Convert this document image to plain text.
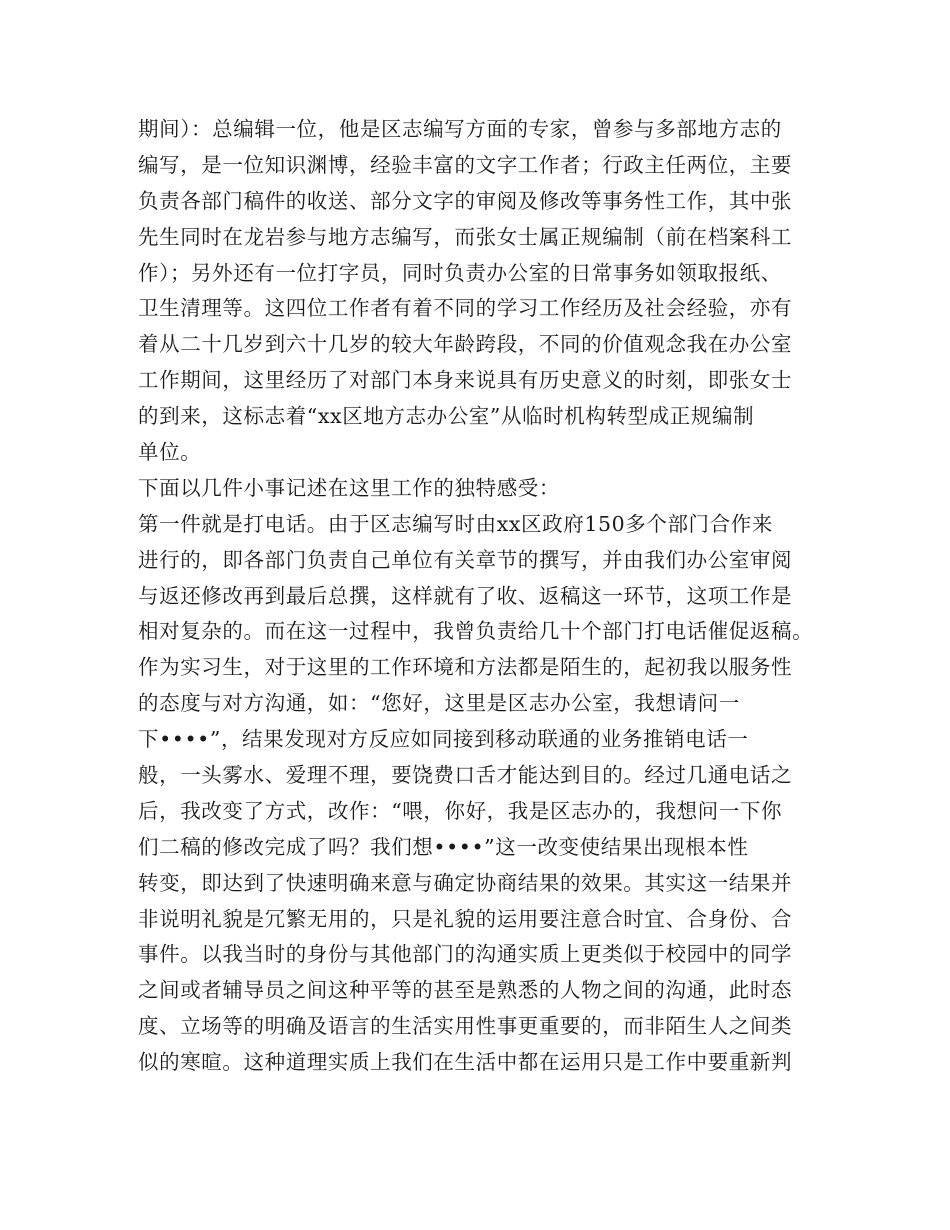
期间）：总编辑一位，他是区志编写方面的专家，曾参与多部地方志的
编写，是一位知识渊博，经验丰富的文字工作者；行政主任两位，主要
负责各部门稿件的收送、部分文字的审阅及修改等事务性工作，其中张
先生同时在龙岩参与地方志编写，而张女士属正规编制（前在档案科工
作）；另外还有一位打字员，同时负责办公室的日常事务如领取报纸、
卫生清理等。这四位工作者有着不同的学习工作经历及社会经验，亦有
着从二十几岁到六十几岁的较大年龄跨段，不同的价值观念我在办公室
工作期间，这里经历了对部门本身来说具有历史意义的时刻，即张女士
的到来，这标志着“xx区地方志办公室”从临时机构转型成正规编制
单位。
下面以几件小事记述在这里工作的独特感受：
第一件就是打电话。由于区志编写时由xx区政府150多个部门合作来
进行的，即各部门负责自己单位有关章节的撰写，并由我们办公室审阅
与返还修改再到最后总撰，这样就有了收、返稿这一环节，这项工作是
相对复杂的。而在这一过程中，我曾负责给几十个部门打电话催促返稿。
作为实习生，对于这里的工作环境和方法都是陌生的，起初我以服务性
的态度与对方沟通，如：“您好，这里是区志办公室，我想请问一
下••••”，结果发现对方反应如同接到移动联通的业务推销电话一
般，一头雾水、爱理不理，要饶费口舌才能达到目的。经过几通电话之
后，我改变了方式，改作：“喂，你好，我是区志办的，我想问一下你
们二稿的修改完成了吗？我们想••••”这一改变使结果出现根本性
转变，即达到了快速明确来意与确定协商结果的效果。其实这一结果并
非说明礼貌是冗繁无用的，只是礼貌的运用要注意合时宜、合身份、合
事件。以我当时的身份与其他部门的沟通实质上更类似于校园中的同学
之间或者辅导员之间这种平等的甚至是熟悉的人物之间的沟通，此时态
度、立场等的明确及语言的生活实用性事更重要的，而非陌生人之间类
似的寒暄。这种道理实质上我们在生活中都在运用只是工作中要重新判
